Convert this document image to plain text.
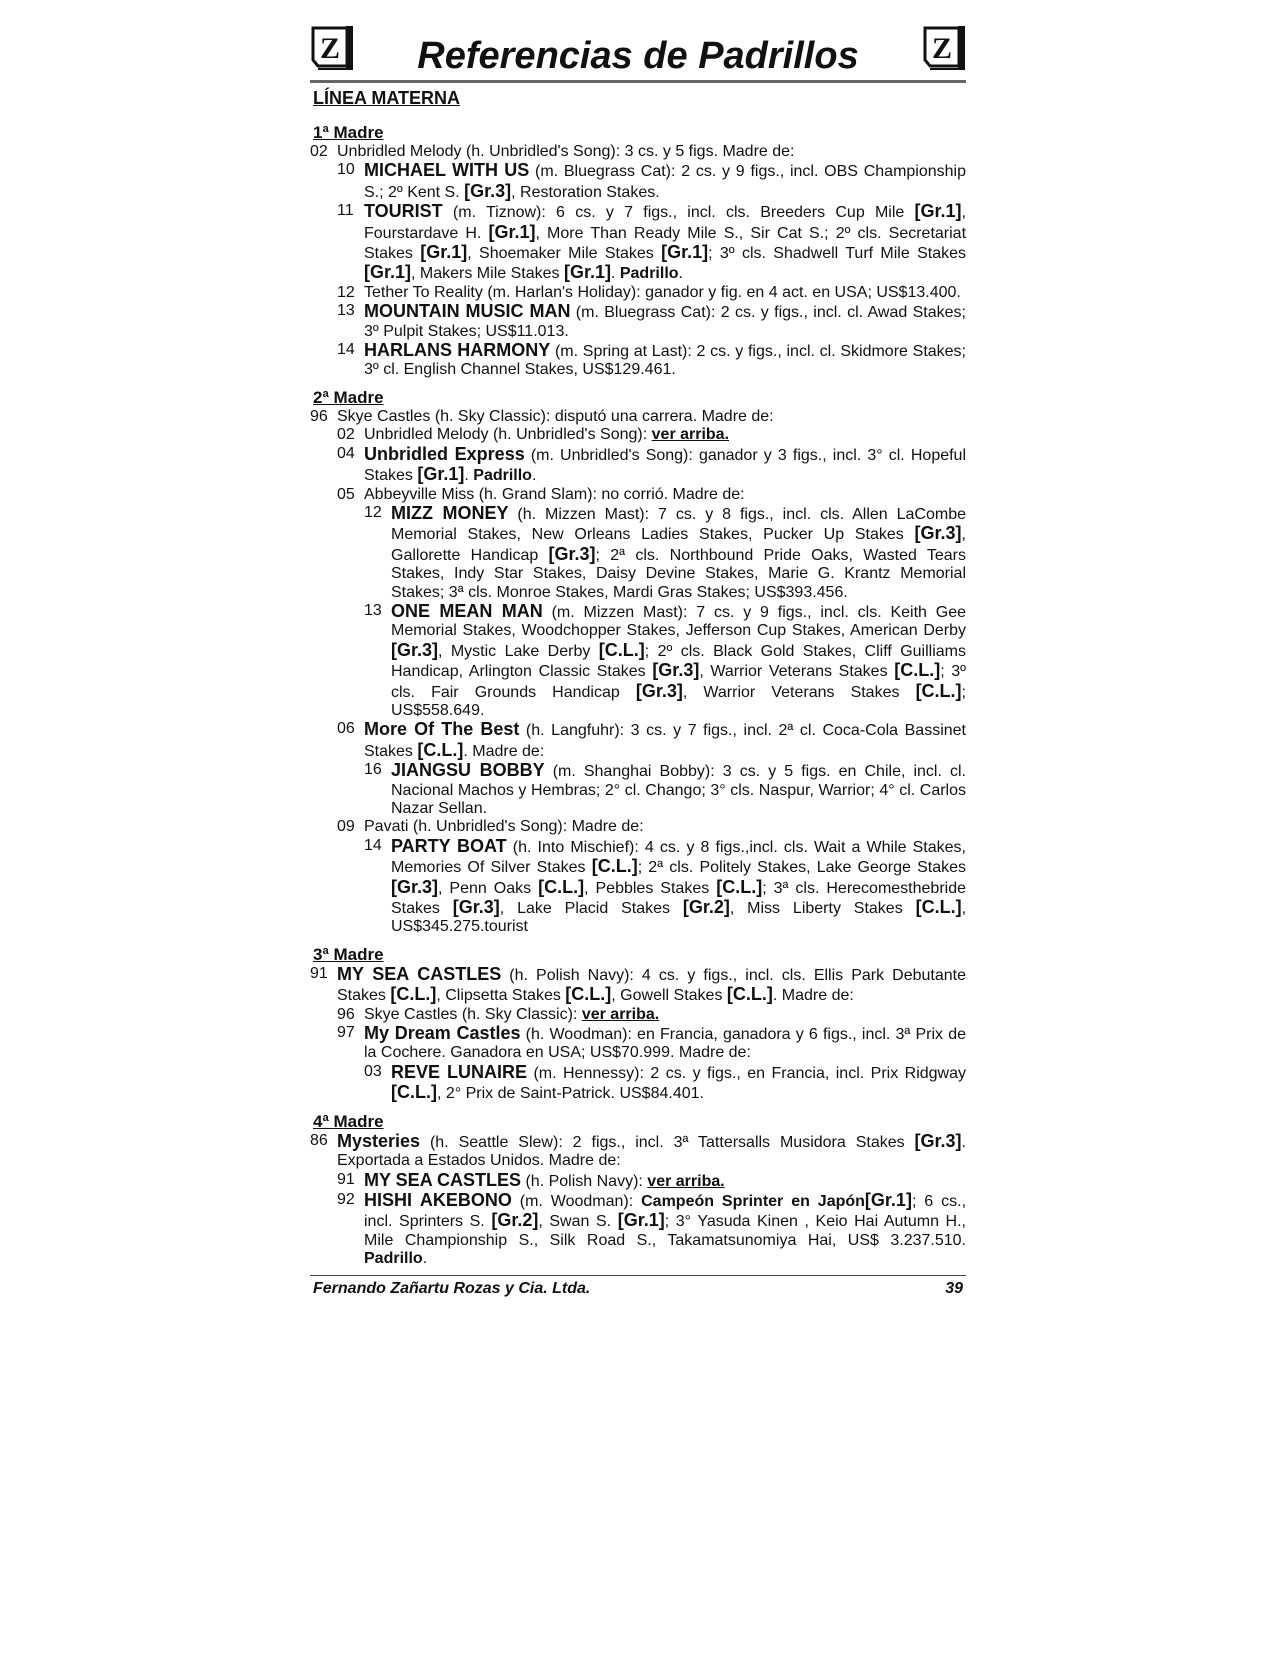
Z	Referencias de Padrillos	Z
LÍNEA MATERNA
1ª Madre
02 Unbridled Melody (h. Unbridled's Song): 3 cs. y 5 figs. Madre de:
10 MICHAEL WITH US (m. Bluegrass Cat): 2 cs. y 9 figs., incl. OBS Championship S.; 2º Kent S. [Gr.3], Restoration Stakes.
11 TOURIST (m. Tiznow): 6 cs. y 7 figs., incl. cls. Breeders Cup Mile [Gr.1], Fourstardave H. [Gr.1], More Than Ready Mile S., Sir Cat S.; 2º cls. Secretariat Stakes [Gr.1], Shoemaker Mile Stakes [Gr.1]; 3º cls. Shadwell Turf Mile Stakes [Gr.1], Makers Mile Stakes [Gr.1]. Padrillo.
12 Tether To Reality (m. Harlan's Holiday): ganador y fig. en 4 act. en USA; US$13.400.
13 MOUNTAIN MUSIC MAN (m. Bluegrass Cat): 2 cs. y figs., incl. cl. Awad Stakes; 3º Pulpit Stakes; US$11.013.
14 HARLANS HARMONY (m. Spring at Last): 2 cs. y figs., incl. cl. Skidmore Stakes; 3º cl. English Channel Stakes, US$129.461.
2ª Madre
96 Skye Castles (h. Sky Classic): disputó una carrera. Madre de:
02 Unbridled Melody (h. Unbridled's Song): ver arriba.
04 Unbridled Express (m. Unbridled's Song): ganador y 3 figs., incl. 3° cl. Hopeful Stakes [Gr.1]. Padrillo.
05 Abbeyville Miss (h. Grand Slam): no corrió. Madre de:
12 MIZZ MONEY (h. Mizzen Mast): 7 cs. y 8 figs., incl. cls. Allen LaCombe Memorial Stakes, New Orleans Ladies Stakes, Pucker Up Stakes [Gr.3], Gallorette Handicap [Gr.3]; 2ª cls. Northbound Pride Oaks, Wasted Tears Stakes, Indy Star Stakes, Daisy Devine Stakes, Marie G. Krantz Memorial Stakes; 3ª cls. Monroe Stakes, Mardi Gras Stakes; US$393.456.
13 ONE MEAN MAN (m. Mizzen Mast): 7 cs. y 9 figs., incl. cls. Keith Gee Memorial Stakes, Woodchopper Stakes, Jefferson Cup Stakes, American Derby [Gr.3], Mystic Lake Derby [C.L.]; 2º cls. Black Gold Stakes, Cliff Guilliams Handicap, Arlington Classic Stakes [Gr.3], Warrior Veterans Stakes [C.L.]; 3º cls. Fair Grounds Handicap [Gr.3], Warrior Veterans Stakes [C.L.]; US$558.649.
06 More Of The Best (h. Langfuhr): 3 cs. y 7 figs., incl. 2ª cl. Coca-Cola Bassinet Stakes [C.L.]. Madre de:
16 JIANGSU BOBBY (m. Shanghai Bobby): 3 cs. y 5 figs. en Chile, incl. cl. Nacional Machos y Hembras; 2° cl. Chango; 3° cls. Naspur, Warrior; 4° cl. Carlos Nazar Sellan.
09 Pavati (h. Unbridled's Song): Madre de:
14 PARTY BOAT (h. Into Mischief): 4 cs. y 8 figs.,incl. cls. Wait a While Stakes, Memories Of Silver Stakes [C.L.]; 2ª cls. Politely Stakes, Lake George Stakes [Gr.3], Penn Oaks [C.L.], Pebbles Stakes [C.L.]; 3ª cls. Herecomesthebride Stakes [Gr.3], Lake Placid Stakes [Gr.2], Miss Liberty Stakes [C.L.], US$345.275.tourist
3ª Madre
91 MY SEA CASTLES (h. Polish Navy): 4 cs. y figs., incl. cls. Ellis Park Debutante Stakes [C.L.], Clipsetta Stakes [C.L.], Gowell Stakes [C.L.]. Madre de:
96 Skye Castles (h. Sky Classic): ver arriba.
97 My Dream Castles (h. Woodman): en Francia, ganadora y 6 figs., incl. 3ª Prix de la Cochere. Ganadora en USA; US$70.999. Madre de:
03 REVE LUNAIRE (m. Hennessy): 2 cs. y figs., en Francia, incl. Prix Ridgway [C.L.], 2° Prix de Saint-Patrick. US$84.401.
4ª Madre
86 Mysteries (h. Seattle Slew): 2 figs., incl. 3ª Tattersalls Musidora Stakes [Gr.3]. Exportada a Estados Unidos. Madre de:
91 MY SEA CASTLES (h. Polish Navy): ver arriba.
92 HISHI AKEBONO (m. Woodman): Campeón Sprinter en Japón[Gr.1]; 6 cs., incl. Sprinters S. [Gr.2], Swan S. [Gr.1]; 3° Yasuda Kinen , Keio Hai Autumn H., Mile Championship S., Silk Road S., Takamatsunomiya Hai, US$ 3.237.510. Padrillo.
Fernando Zañartu Rozas y Cia. Ltda.	39
